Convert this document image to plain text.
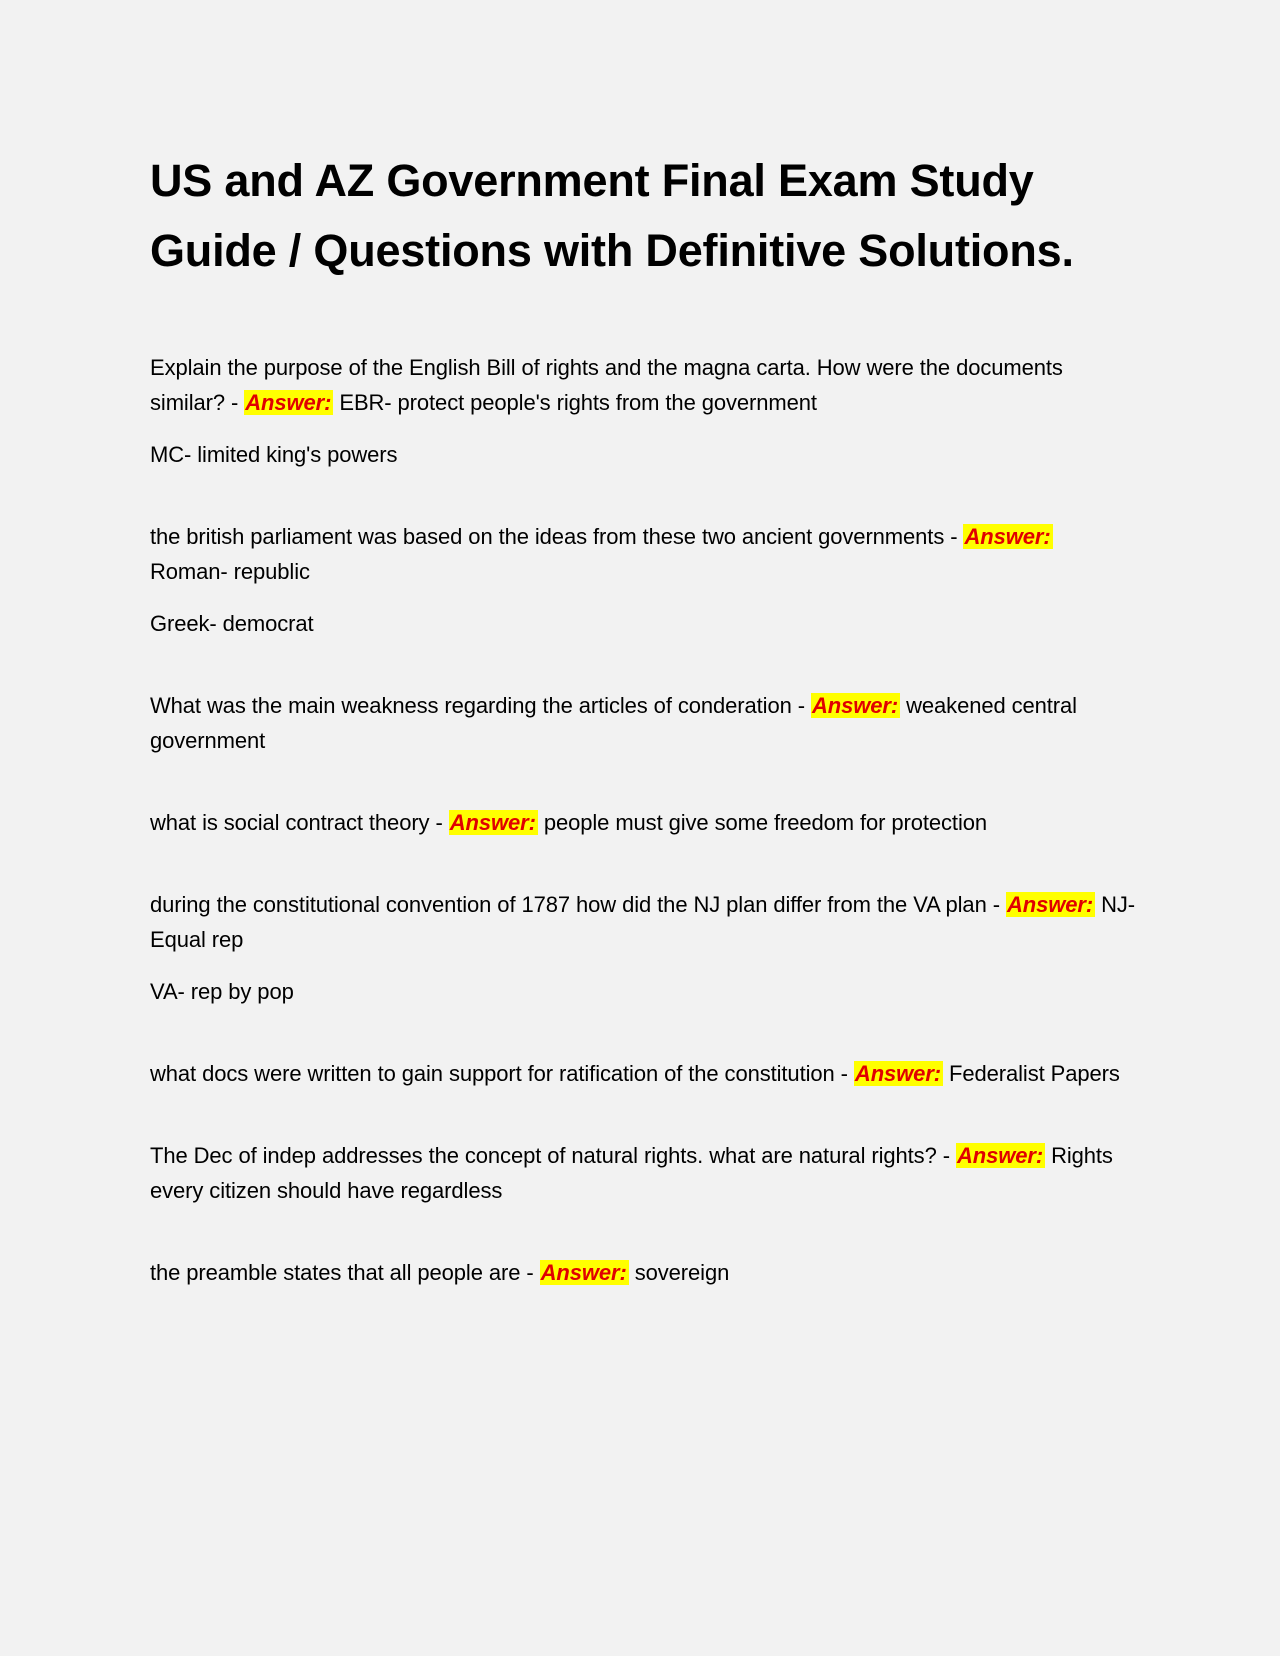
US and AZ Government Final Exam Study Guide / Questions with Definitive Solutions.

Explain the purpose of the English Bill of rights and the magna carta. How were the documents similar? - Answer: EBR- protect people's rights from the government

MC- limited king's powers

the british parliament was based on the ideas from these two ancient governments - Answer: Roman- republic

Greek- democrat

What was the main weakness regarding the articles of conderation - Answer: weakened central government

what is social contract theory - Answer: people must give some freedom for protection

during the constitutional convention of 1787 how did the NJ plan differ from the VA plan - Answer: NJ- Equal rep

VA- rep by pop

what docs were written to gain support for ratification of the constitution - Answer: Federalist Papers

The Dec of indep addresses the concept of natural rights. what are natural rights? - Answer: Rights every citizen should have regardless

the preamble states that all people are - Answer: sovereign
